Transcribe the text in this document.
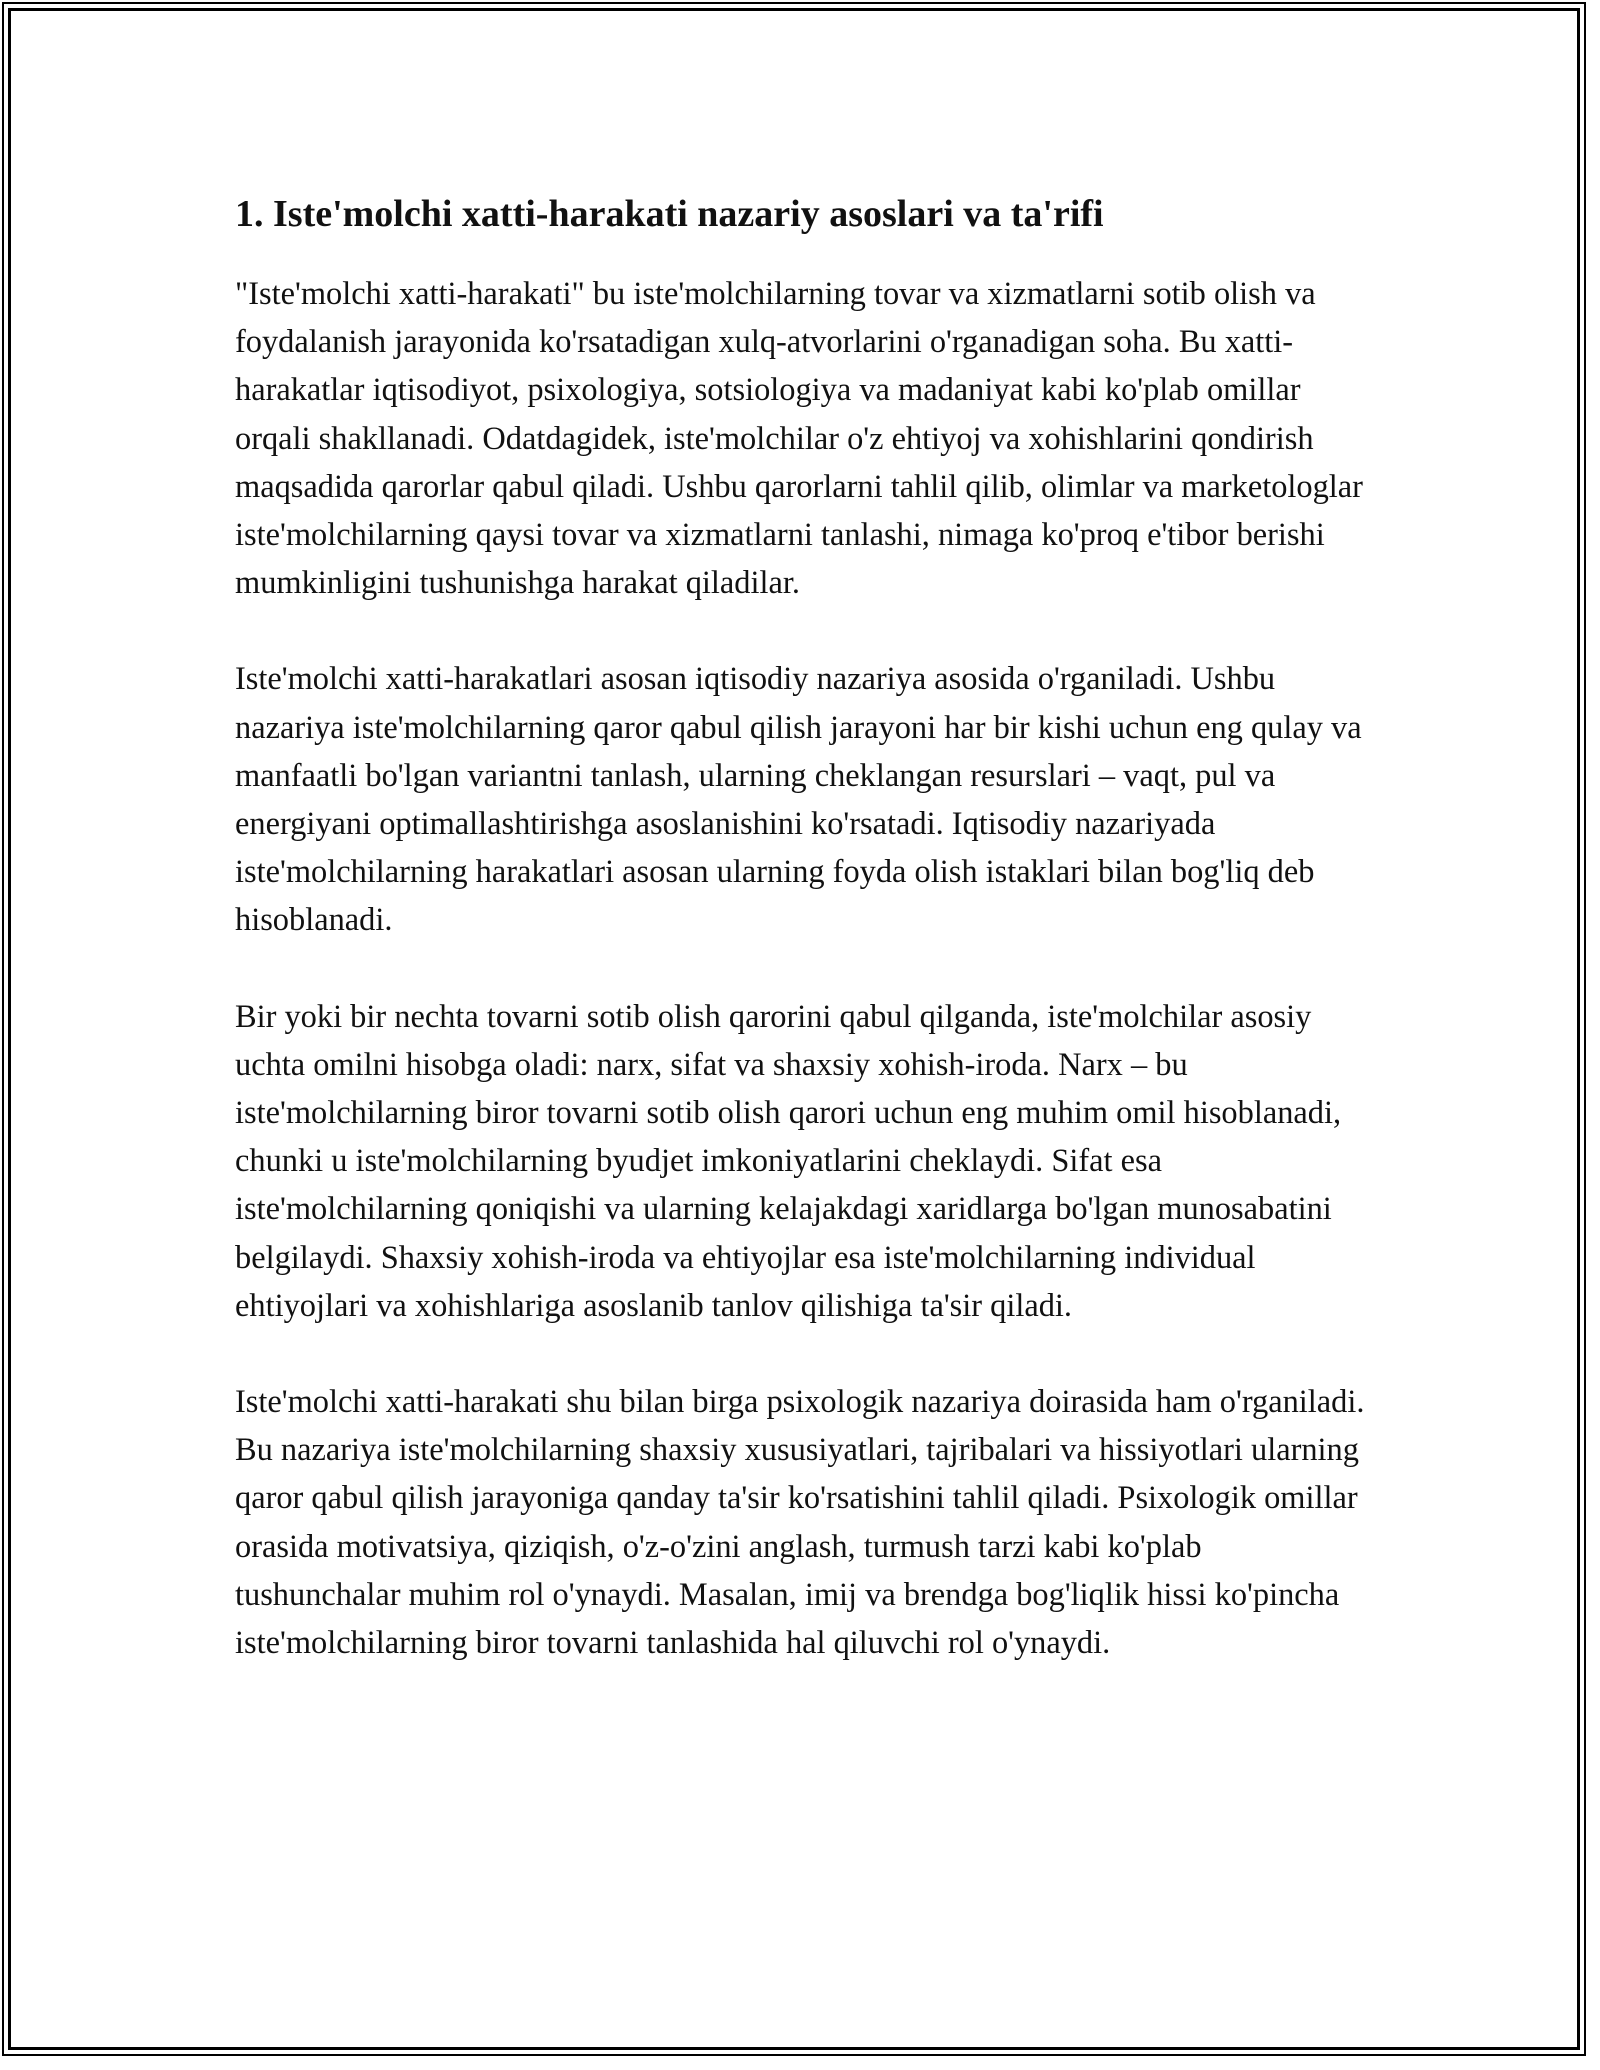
1. Iste'molchi xatti-harakati nazariy asoslari va ta'rifi

"Iste'molchi xatti-harakati" bu iste'molchilarning tovar va xizmatlarni sotib olish va foydalanish jarayonida ko'rsatadigan xulq-atvorlarini o'rganadigan soha. Bu xatti-harakatlar iqtisodiyot, psixologiya, sotsiologiya va madaniyat kabi ko'plab omillar orqali shakllanadi. Odatdagidek, iste'molchilar o'z ehtiyoj va xohishlarini qondirish maqsadida qarorlar qabul qiladi. Ushbu qarorlarni tahlil qilib, olimlar va marketologlar iste'molchilarning qaysi tovar va xizmatlarni tanlashi, nimaga ko'proq e'tibor berishi mumkinligini tushunishga harakat qiladilar.

Iste'molchi xatti-harakatlari asosan iqtisodiy nazariya asosida o'rganiladi. Ushbu nazariya iste'molchilarning qaror qabul qilish jarayoni har bir kishi uchun eng qulay va manfaatli bo'lgan variantni tanlash, ularning cheklangan resurslari – vaqt, pul va energiyani optimallashtirishga asoslanishini ko'rsatadi. Iqtisodiy nazariyada iste'molchilarning harakatlari asosan ularning foyda olish istaklari bilan bog'liq deb hisoblanadi.

Bir yoki bir nechta tovarni sotib olish qarorini qabul qilganda, iste'molchilar asosiy uchta omilni hisobga oladi: narx, sifat va shaxsiy xohish-iroda. Narx – bu iste'molchilarning biror tovarni sotib olish qarori uchun eng muhim omil hisoblanadi, chunki u iste'molchilarning byudjet imkoniyatlarini cheklaydi. Sifat esa iste'molchilarning qoniqishi va ularning kelajakdagi xaridlarga bo'lgan munosabatini belgilaydi. Shaxsiy xohish-iroda va ehtiyojlar esa iste'molchilarning individual ehtiyojlari va xohishlariga asoslanib tanlov qilishiga ta'sir qiladi.

Iste'molchi xatti-harakati shu bilan birga psixologik nazariya doirasida ham o'rganiladi. Bu nazariya iste'molchilarning shaxsiy xususiyatlari, tajribalari va hissiyotlari ularning qaror qabul qilish jarayoniga qanday ta'sir ko'rsatishini tahlil qiladi. Psixologik omillar orasida motivatsiya, qiziqish, o'z-o'zini anglash, turmush tarzi kabi ko'plab tushunchalar muhim rol o'ynaydi. Masalan, imij va brendga bog'liqlik hissi ko'pincha iste'molchilarning biror tovarni tanlashida hal qiluvchi rol o'ynaydi.
